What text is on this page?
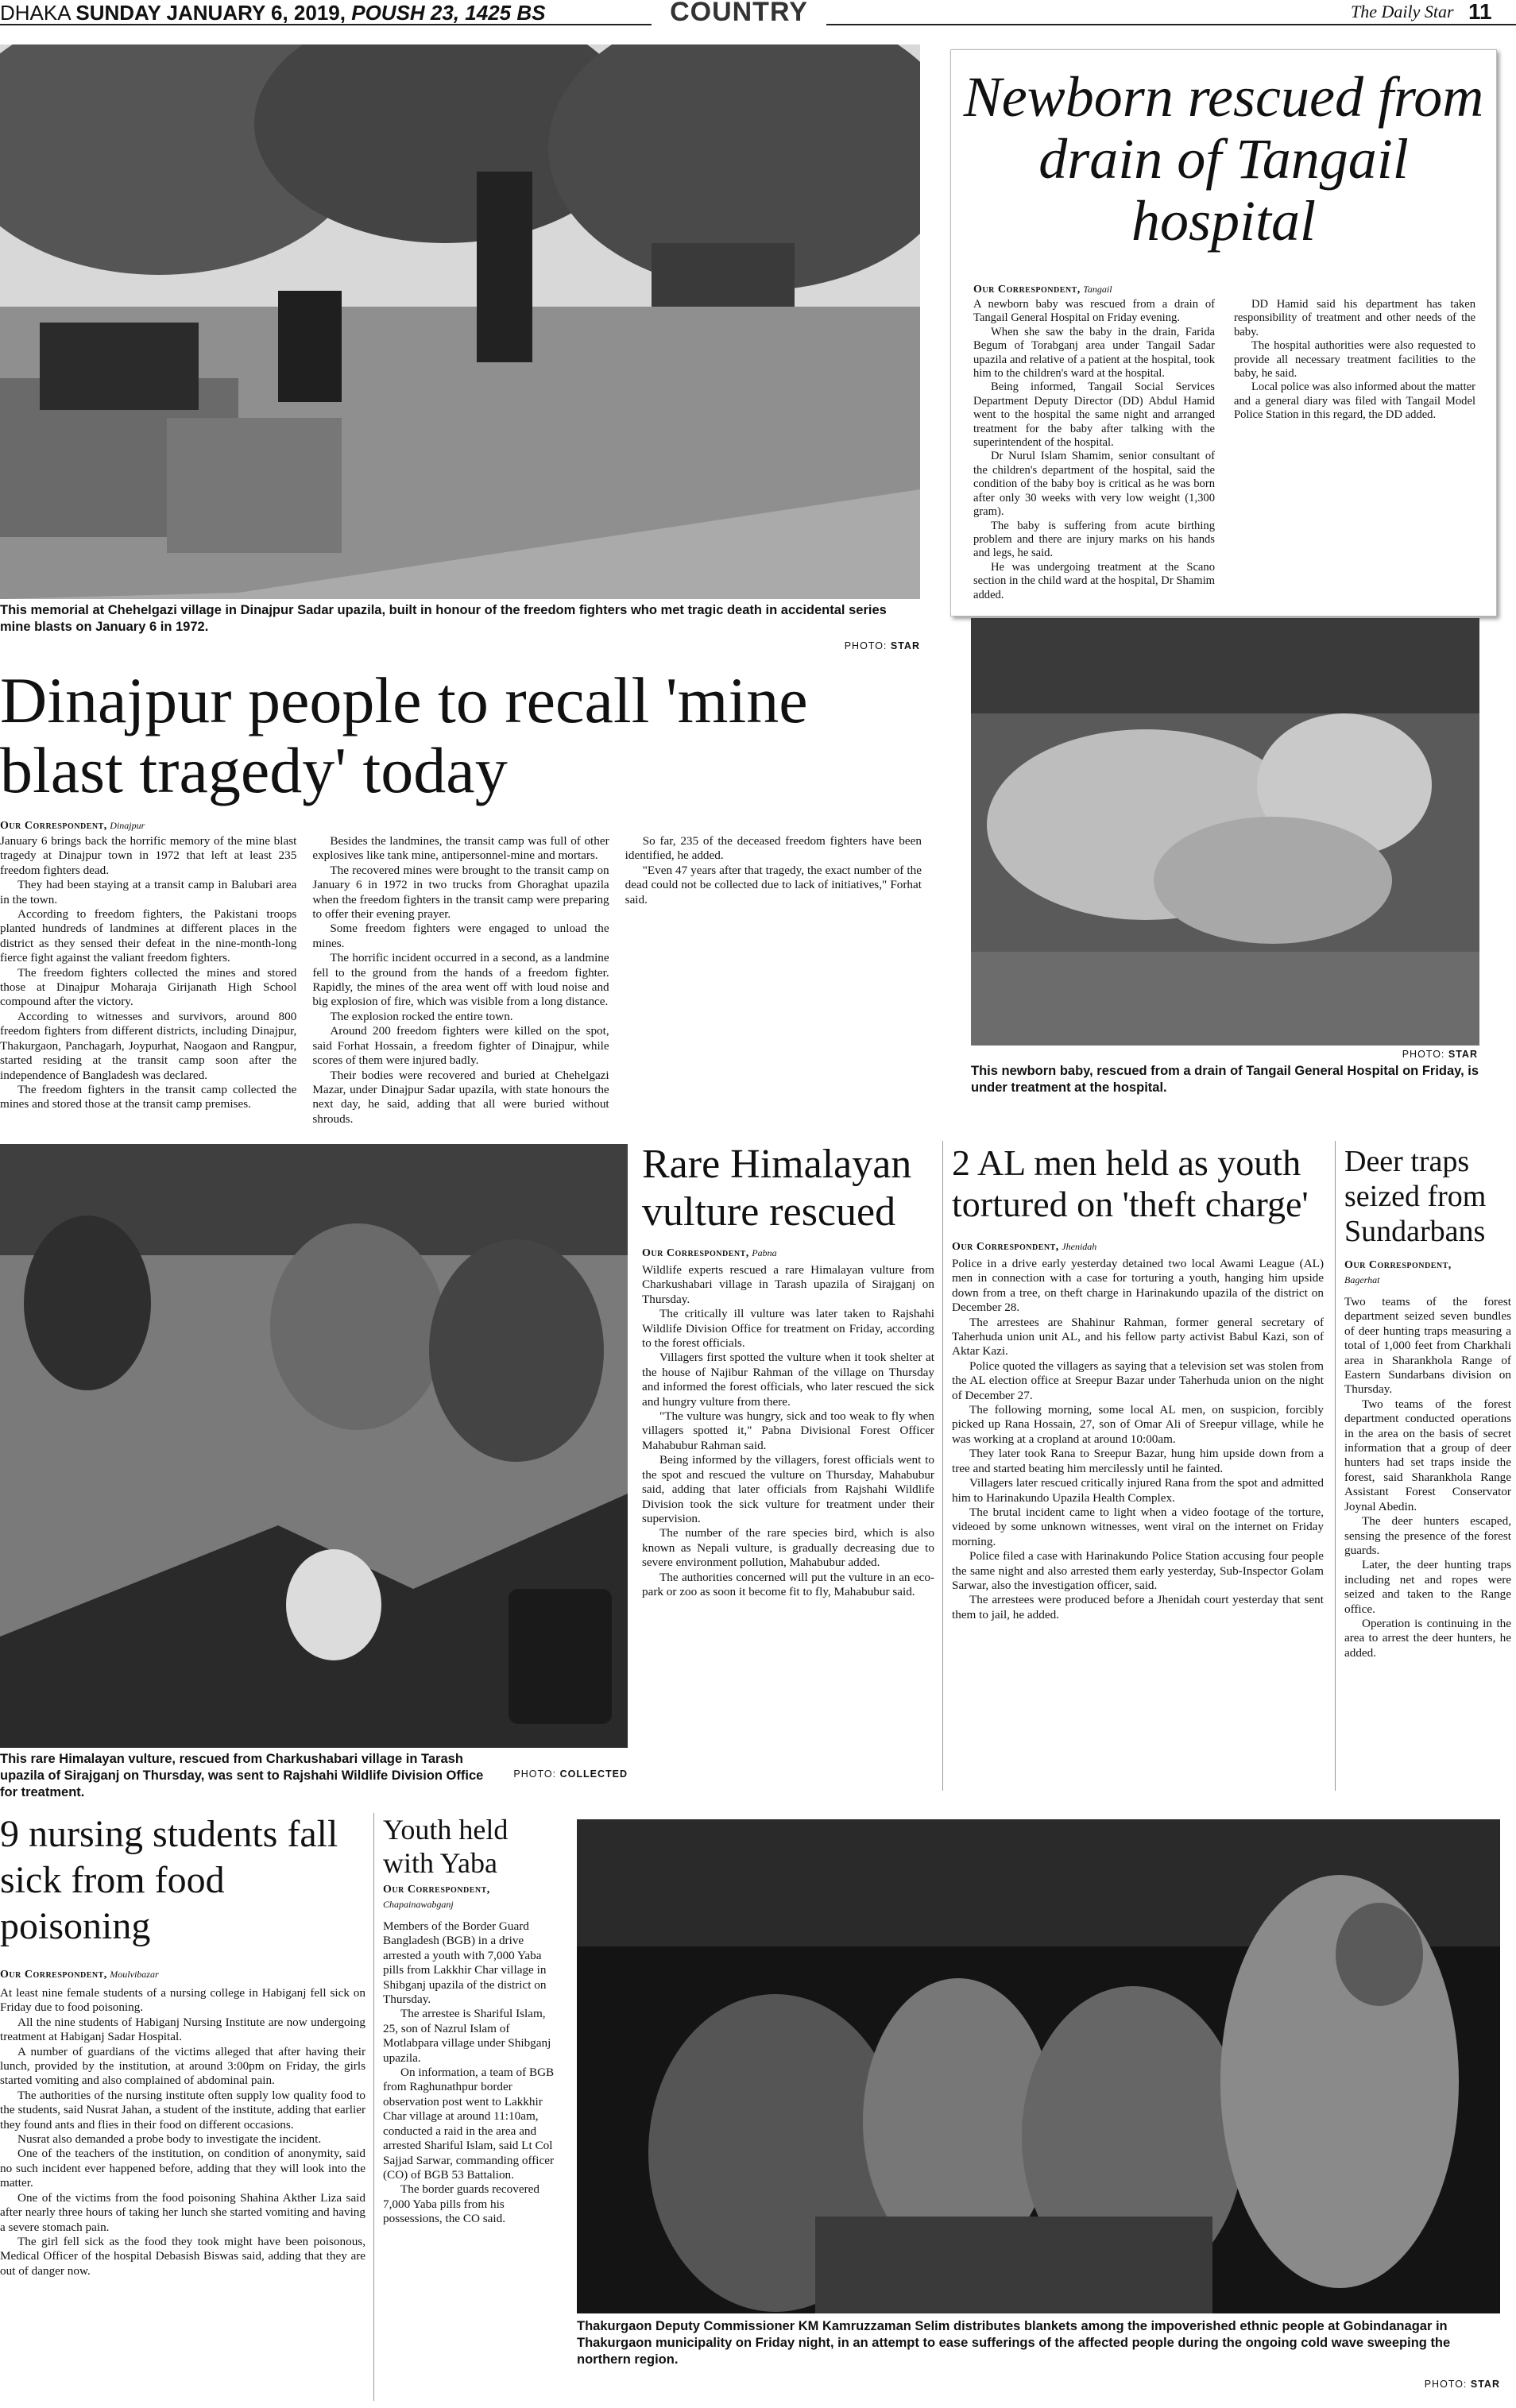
DHAKA SUNDAY JANUARY 6, 2019, POUSH 23, 1425 BS	COUNTRY	The Daily Star 11
This memorial at Chehelgazi village in Dinajpur Sadar upazila, built in honour of the freedom fighters who met tragic death in accidental series mine blasts on January 6 in 1972.
PHOTO: STAR
Dinajpur people to recall 'mine blast tragedy' today
Our Correspondent, Dinajpur

January 6 brings back the horrific memory of the mine blast tragedy at Dinajpur town in 1972 that left at least 235 freedom fighters dead.

They had been staying at a transit camp in Balubari area in the town.

According to freedom fighters, the Pakistani troops planted hundreds of landmines at different places in the district as they sensed their defeat in the nine-month-long fierce fight against the valiant freedom fighters.

The freedom fighters collected the mines and stored those at Dinajpur Moharaja Girijanath High School compound after the victory.

According to witnesses and survivors, around 800 freedom fighters from different districts, including Dinajpur, Thakurgaon, Panchagarh, Joypurhat, Naogaon and Rangpur, started residing at the transit camp soon after the independence of Bangladesh was declared.

The freedom fighters in the transit camp collected the mines and stored those at the transit camp premises.

Besides the landmines, the transit camp was full of other explosives like tank mine, antipersonnel-mine and mortars.

The recovered mines were brought to the transit camp on January 6 in 1972 in two trucks from Ghoraghat upazila when the freedom fighters in the transit camp were preparing to offer their evening prayer.

Some freedom fighters were engaged to unload the mines.

The horrific incident occurred in a second, as a landmine fell to the ground from the hands of a freedom fighter. Rapidly, the mines of the area went off with loud noise and big explosion of fire, which was visible from a long distance.

The explosion rocked the entire town.

Around 200 freedom fighters were killed on the spot, said Forhat Hossain, a freedom fighter of Dinajpur, while scores of them were injured badly.

Their bodies were recovered and buried at Chehelgazi Mazar, under Dinajpur Sadar upazila, with state honours the next day, he said, adding that all were buried without shrouds.

So far, 235 of the deceased freedom fighters have been identified, he added.

"Even 47 years after that tragedy, the exact number of the dead could not be collected due to lack of initiatives," Forhat said.

Newborn rescued from drain of Tangail hospital
Our Correspondent, Tangail

A newborn baby was rescued from a drain of Tangail General Hospital on Friday evening.

When she saw the baby in the drain, Farida Begum of Torabganj area under Tangail Sadar upazila and relative of a patient at the hospital, took him to the children's ward at the hospital.

Being informed, Tangail Social Services Department Deputy Director (DD) Abdul Hamid went to the hospital the same night and arranged treatment for the baby after talking with the superintendent of the hospital.

Dr Nurul Islam Shamim, senior consultant of the children's department of the hospital, said the condition of the baby boy is critical as he was born after only 30 weeks with very low weight (1,300 gram).

The baby is suffering from acute birthing problem and there are injury marks on his hands and legs, he said.

He was undergoing treatment at the Scano section in the child ward at the hospital, Dr Shamim added.

DD Hamid said his department has taken responsibility of treatment and other needs of the baby.

The hospital authorities were also requested to provide all necessary treatment facilities to the baby, he said.

Local police was also informed about the matter and a general diary was filed with Tangail Model Police Station in this regard, the DD added.

PHOTO: STAR
This newborn baby, rescued from a drain of Tangail General Hospital on Friday, is under treatment at the hospital.
This rare Himalayan vulture, rescued from Charkushabari village in Tarash upazila of Sirajganj on Thursday, was sent to Rajshahi Wildlife Division Office for treatment.
PHOTO: COLLECTED
Rare Himalayan vulture rescued
Our Correspondent, Pabna

Wildlife experts rescued a rare Himalayan vulture from Charkushabari village in Tarash upazila of Sirajganj on Thursday.

The critically ill vulture was later taken to Rajshahi Wildlife Division Office for treatment on Friday, according to the forest officials.

Villagers first spotted the vulture when it took shelter at the house of Najibur Rahman of the village on Thursday and informed the forest officials, who later rescued the sick and hungry vulture from there.

"The vulture was hungry, sick and too weak to fly when villagers spotted it," Pabna Divisional Forest Officer Mahabubur Rahman said.

Being informed by the villagers, forest officials went to the spot and rescued the vulture on Thursday, Mahabubur said, adding that later officials from Rajshahi Wildlife Division took the sick vulture for treatment under their supervision.

The number of the rare species bird, which is also known as Nepali vulture, is gradually decreasing due to severe environment pollution, Mahabubur added.

The authorities concerned will put the vulture in an eco-park or zoo as soon it become fit to fly, Mahabubur said.

2 AL men held as youth tortured on 'theft charge'
Our Correspondent, Jhenidah

Police in a drive early yesterday detained two local Awami League (AL) men in connection with a case for torturing a youth, hanging him upside down from a tree, on theft charge in Harinakundo upazila of the district on December 28.

The arrestees are Shahinur Rahman, former general secretary of Taherhuda union unit AL, and his fellow party activist Babul Kazi, son of Aktar Kazi.

Police quoted the villagers as saying that a television set was stolen from the AL election office at Sreepur Bazar under Taherhuda union on the night of December 27.

The following morning, some local AL men, on suspicion, forcibly picked up Rana Hossain, 27, son of Omar Ali of Sreepur village, while he was working at a cropland at around 10:00am.

They later took Rana to Sreepur Bazar, hung him upside down from a tree and started beating him mercilessly until he fainted.

Villagers later rescued critically injured Rana from the spot and admitted him to Harinakundo Upazila Health Complex.

The brutal incident came to light when a video footage of the torture, videoed by some unknown witnesses, went viral on the internet on Friday morning.

Police filed a case with Harinakundo Police Station accusing four people the same night and also arrested them early yesterday, Sub-Inspector Golam Sarwar, also the investigation officer, said.

The arrestees were produced before a Jhenidah court yesterday that sent them to jail, he added.

Deer traps seized from Sundarbans
Our Correspondent,
Bagerhat

Two teams of the forest department seized seven bundles of deer hunting traps measuring a total of 1,000 feet from Charkhali area in Sharankhola Range of Eastern Sundarbans division on Thursday.

Two teams of the forest department conducted operations in the area on the basis of secret information that a group of deer hunters had set traps inside the forest, said Sharankhola Range Assistant Forest Conservator Joynal Abedin.

The deer hunters escaped, sensing the presence of the forest guards.

Later, the deer hunting traps including net and ropes were seized and taken to the Range office.

Operation is continuing in the area to arrest the deer hunters, he added.

9 nursing students fall sick from food poisoning
Our Correspondent, Moulvibazar

At least nine female students of a nursing college in Habiganj fell sick on Friday due to food poisoning.

All the nine students of Habiganj Nursing Institute are now undergoing treatment at Habiganj Sadar Hospital.

A number of guardians of the victims alleged that after having their lunch, provided by the institution, at around 3:00pm on Friday, the girls started vomiting and also complained of abdominal pain.

The authorities of the nursing institute often supply low quality food to the students, said Nusrat Jahan, a student of the institute, adding that earlier they found ants and flies in their food on different occasions.

Nusrat also demanded a probe body to investigate the incident.

One of the teachers of the institution, on condition of anonymity, said no such incident ever happened before, adding that they will look into the matter.

One of the victims from the food poisoning Shahina Akther Liza said after nearly three hours of taking her lunch she started vomiting and having a severe stomach pain.

The girl fell sick as the food they took might have been poisonous, Medical Officer of the hospital Debasish Biswas said, adding that they are out of danger now.

Youth held with Yaba
Our Correspondent,
Chapainawabganj

Members of the Border Guard Bangladesh (BGB) in a drive arrested a youth with 7,000 Yaba pills from Lakkhir Char village in Shibganj upazila of the district on Thursday.

The arrestee is Shariful Islam, 25, son of Nazrul Islam of Motlabpara village under Shibganj upazila.

On information, a team of BGB from Raghunathpur border observation post went to Lakkhir Char village at around 11:10am, conducted a raid in the area and arrested Shariful Islam, said Lt Col Sajjad Sarwar, commanding officer (CO) of BGB 53 Battalion.

The border guards recovered 7,000 Yaba pills from his possessions, the CO said.

Thakurgaon Deputy Commissioner KM Kamruzzaman Selim distributes blankets among the impoverished ethnic people at Gobindanagar in Thakurgaon municipality on Friday night, in an attempt to ease sufferings of the affected people during the ongoing cold wave sweeping the northern region.
PHOTO: STAR
